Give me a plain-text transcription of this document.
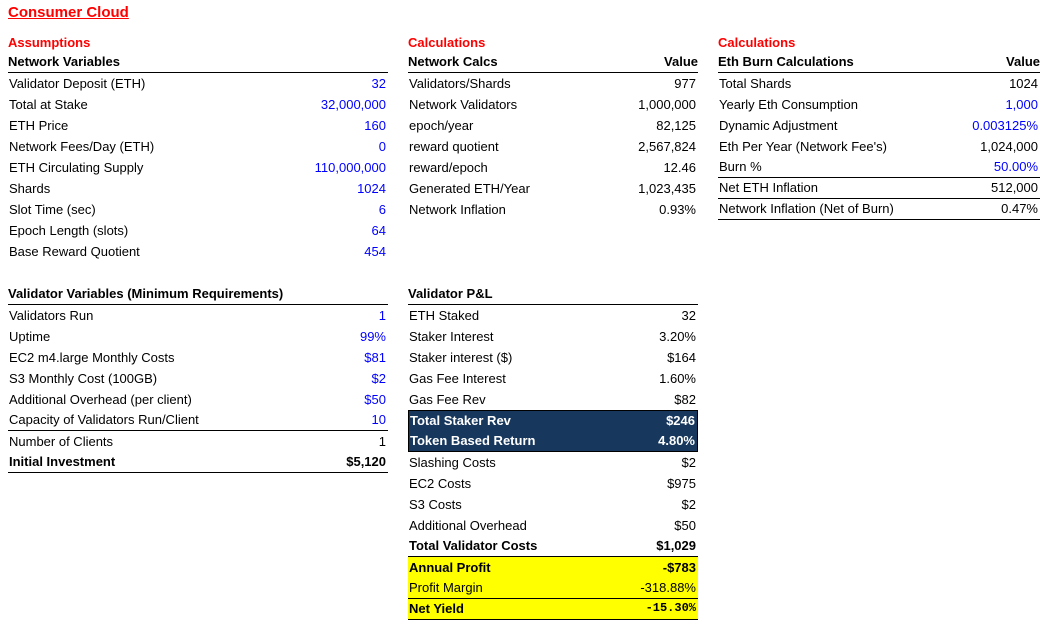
Consumer Cloud
Assumptions	Calculations	Calculations
Network Variables
Validator Deposit (ETH)	32
Total at Stake	32,000,000
ETH Price	160
Network Fees/Day (ETH)	0
ETH Circulating Supply	110,000,000
Shards	1024
Slot Time (sec)	6
Epoch Length (slots)	64
Base Reward Quotient	454
Network Calcs	Value
Validators/Shards	977
Network Validators	1,000,000
epoch/year	82,125
reward quotient	2,567,824
reward/epoch	12.46
Generated ETH/Year	1,023,435
Network Inflation	0.93%
Eth Burn Calculations	Value
Total Shards	1024
Yearly Eth Consumption	1,000
Dynamic Adjustment	0.003125%
Eth Per Year (Network Fee's)	1,024,000
Burn %	50.00%
Net ETH Inflation	512,000
Network Inflation (Net of Burn)	0.47%
Validator Variables (Minimum Requirements)
Validators Run	1
Uptime	99%
EC2 m4.large Monthly Costs	$81
S3 Monthly Cost (100GB)	$2
Additional Overhead (per client)	$50
Capacity of Validators Run/Client	10
Number of Clients	1
Initial Investment	$5,120
Validator P&L
ETH Staked	32
Staker Interest	3.20%
Staker interest ($)	$164
Gas Fee Interest	1.60%
Gas Fee Rev	$82
Total Staker Rev	$246
Token Based Return	4.80%
Slashing Costs	$2
EC2 Costs	$975
S3 Costs	$2
Additional Overhead	$50
Total Validator Costs	$1,029
Annual Profit	-$783
Profit Margin	-318.88%
Net Yield	-15.30%
